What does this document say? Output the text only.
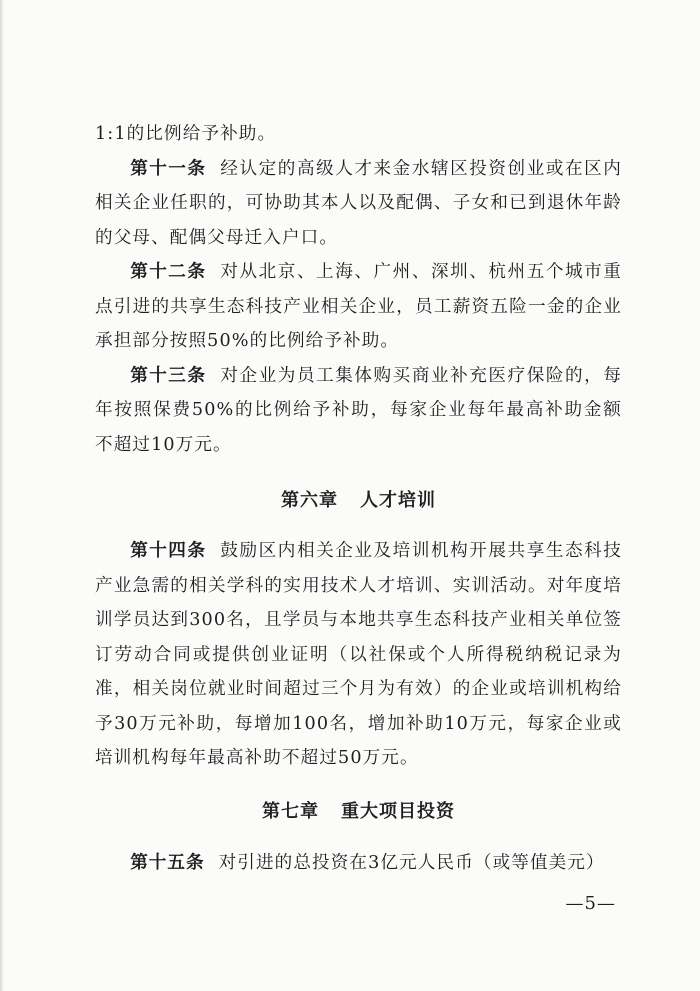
1:1的比例给予补助。

第十一条 经认定的高级人才来金水辖区投资创业或在区内相关企业任职的，可协助其本人以及配偶、子女和已到退休年龄的父母、配偶父母迁入户口。

第十二条 对从北京、上海、广州、深圳、杭州五个城市重点引进的共享生态科技产业相关企业，员工薪资五险一金的企业承担部分按照50%的比例给予补助。

第十三条 对企业为员工集体购买商业补充医疗保险的，每年按照保费50%的比例给予补助，每家企业每年最高补助金额不超过10万元。

第六章 人才培训

第十四条 鼓励区内相关企业及培训机构开展共享生态科技产业急需的相关学科的实用技术人才培训、实训活动。对年度培训学员达到300名，且学员与本地共享生态科技产业相关单位签订劳动合同或提供创业证明（以社保或个人所得税纳税记录为准，相关岗位就业时间超过三个月为有效）的企业或培训机构给予30万元补助，每增加100名，增加补助10万元，每家企业或培训机构每年最高补助不超过50万元。

第七章 重大项目投资

第十五条 对引进的总投资在3亿元人民币（或等值美元）

—5—
